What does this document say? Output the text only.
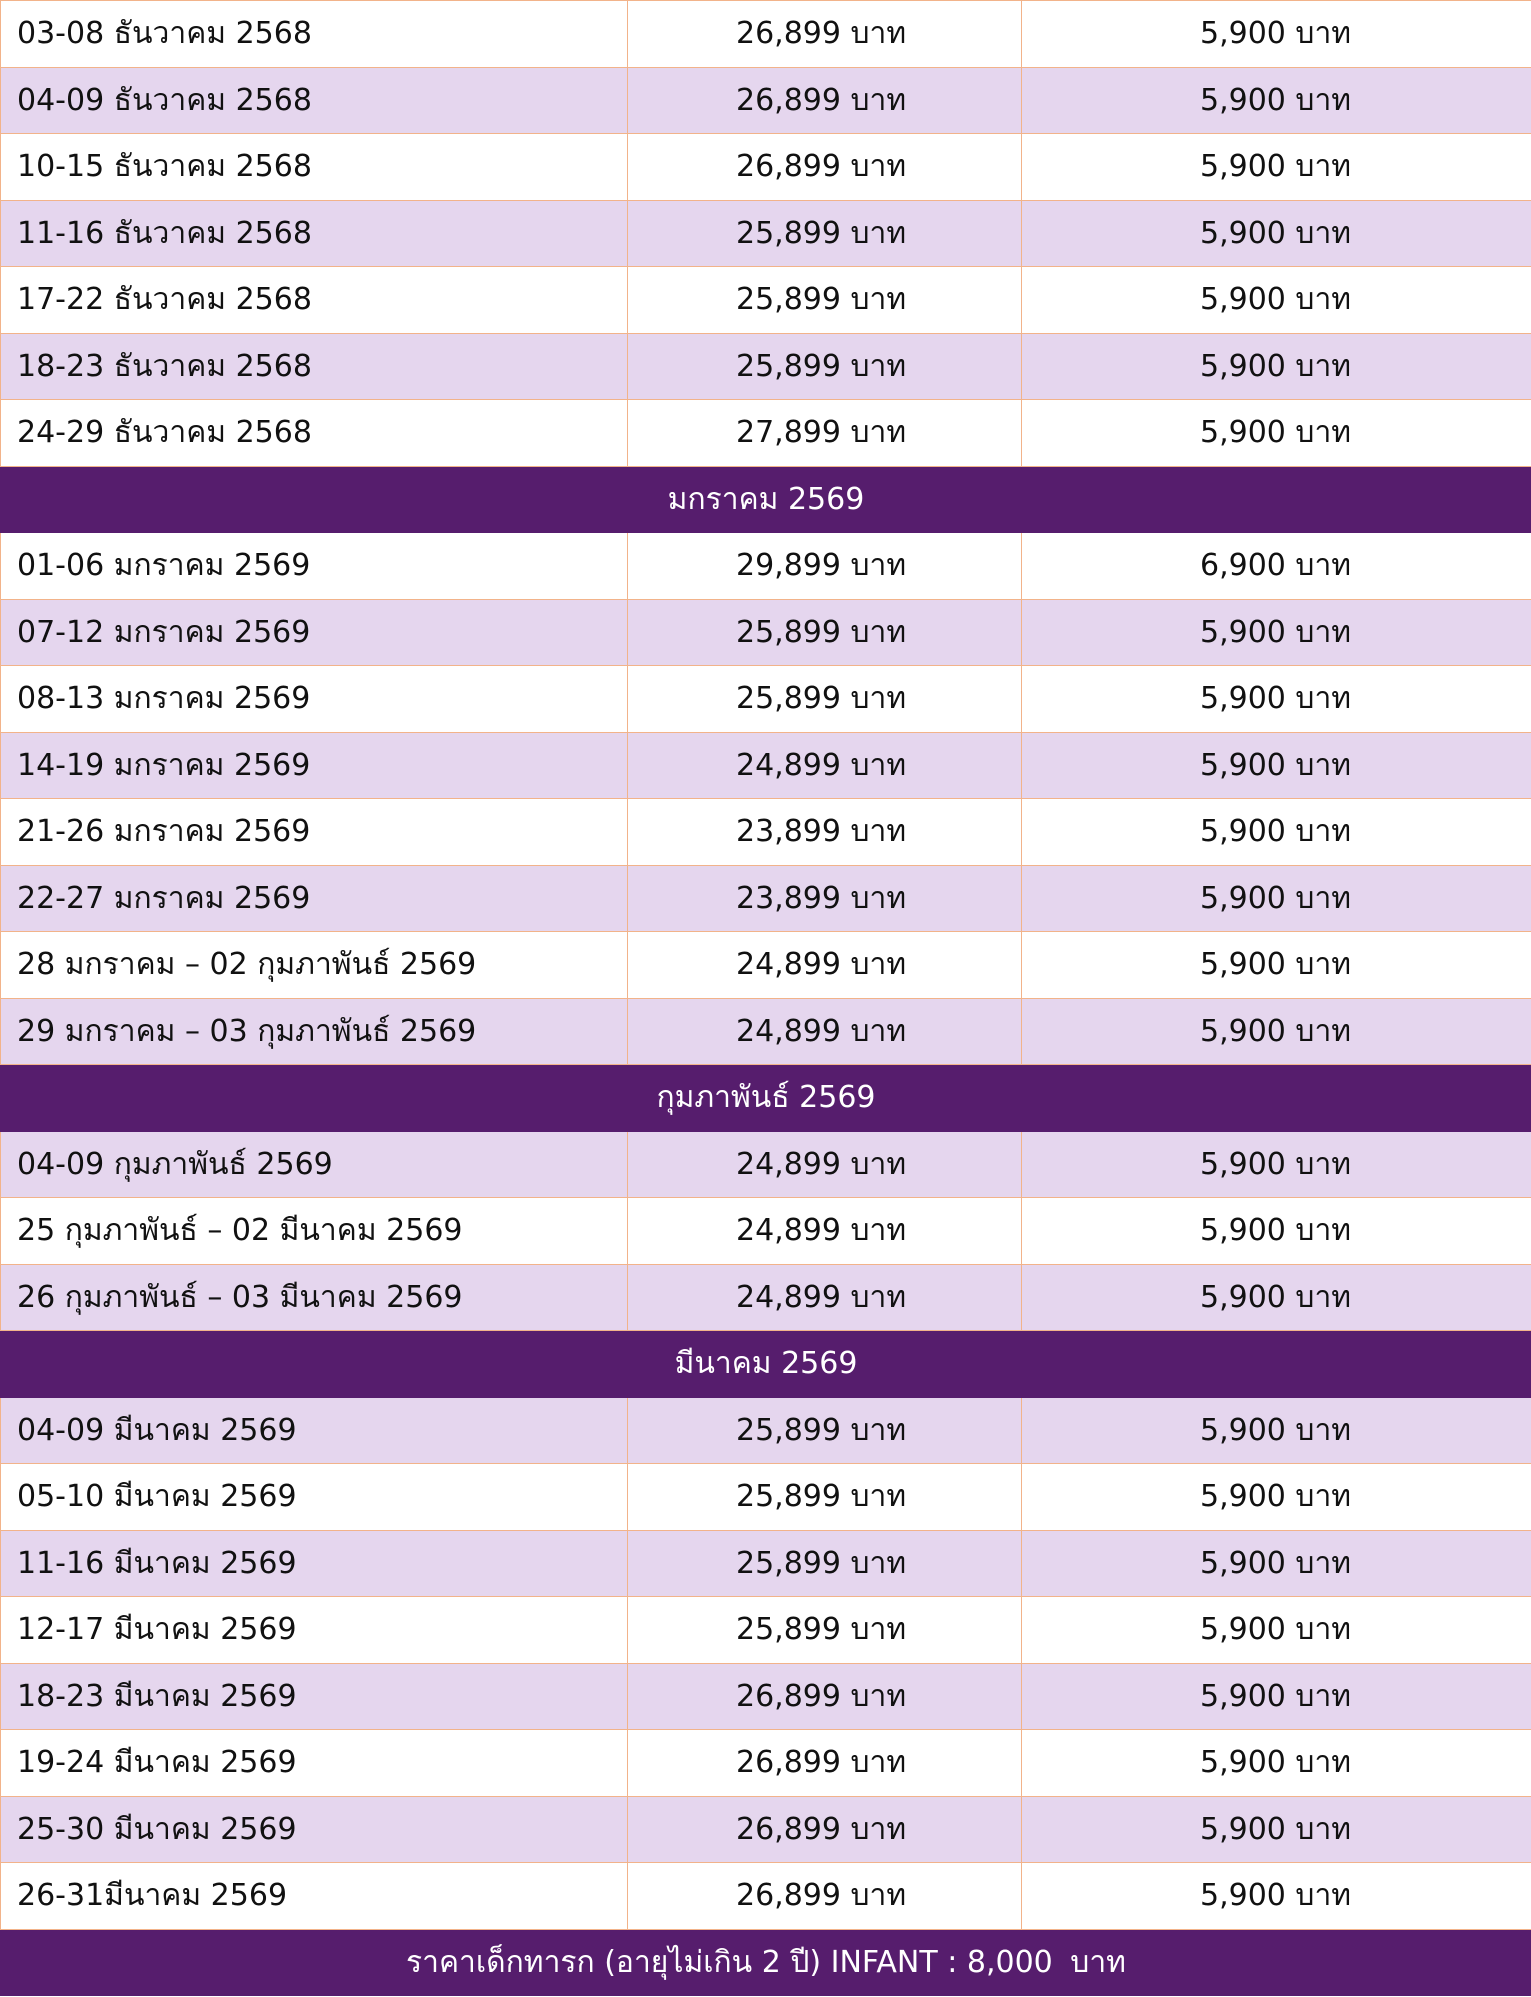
03-08 ธันวาคม 2568	26,899 บาท	5,900 บาท
04-09 ธันวาคม 2568	26,899 บาท	5,900 บาท
10-15 ธันวาคม 2568	26,899 บาท	5,900 บาท
11-16 ธันวาคม 2568	25,899 บาท	5,900 บาท
17-22 ธันวาคม 2568	25,899 บาท	5,900 บาท
18-23 ธันวาคม 2568	25,899 บาท	5,900 บาท
24-29 ธันวาคม 2568	27,899 บาท	5,900 บาท
มกราคม 2569		
01-06 มกราคม 2569	29,899 บาท	6,900 บาท
07-12 มกราคม 2569	25,899 บาท	5,900 บาท
08-13 มกราคม 2569	25,899 บาท	5,900 บาท
14-19 มกราคม 2569	24,899 บาท	5,900 บาท
21-26 มกราคม 2569	23,899 บาท	5,900 บาท
22-27 มกราคม 2569	23,899 บาท	5,900 บาท
28 มกราคม – 02 กุมภาพันธ์ 2569	24,899 บาท	5,900 บาท
29 มกราคม – 03 กุมภาพันธ์ 2569	24,899 บาท	5,900 บาท
กุมภาพันธ์ 2569		
04-09 กุมภาพันธ์ 2569	24,899 บาท	5,900 บาท
25 กุมภาพันธ์ – 02 มีนาคม 2569	24,899 บาท	5,900 บาท
26 กุมภาพันธ์ – 03 มีนาคม 2569	24,899 บาท	5,900 บาท
มีนาคม 2569		
04-09 มีนาคม 2569	25,899 บาท	5,900 บาท
05-10 มีนาคม 2569	25,899 บาท	5,900 บาท
11-16 มีนาคม 2569	25,899 บาท	5,900 บาท
12-17 มีนาคม 2569	25,899 บาท	5,900 บาท
18-23 มีนาคม 2569	26,899 บาท	5,900 บาท
19-24 มีนาคม 2569	26,899 บาท	5,900 บาท
25-30 มีนาคม 2569	26,899 บาท	5,900 บาท
26-31มีนาคม 2569	26,899 บาท	5,900 บาท
ราคาเด็กทารก (อายุไม่เกิน 2 ปี) INFANT : 8,000 บาท		
